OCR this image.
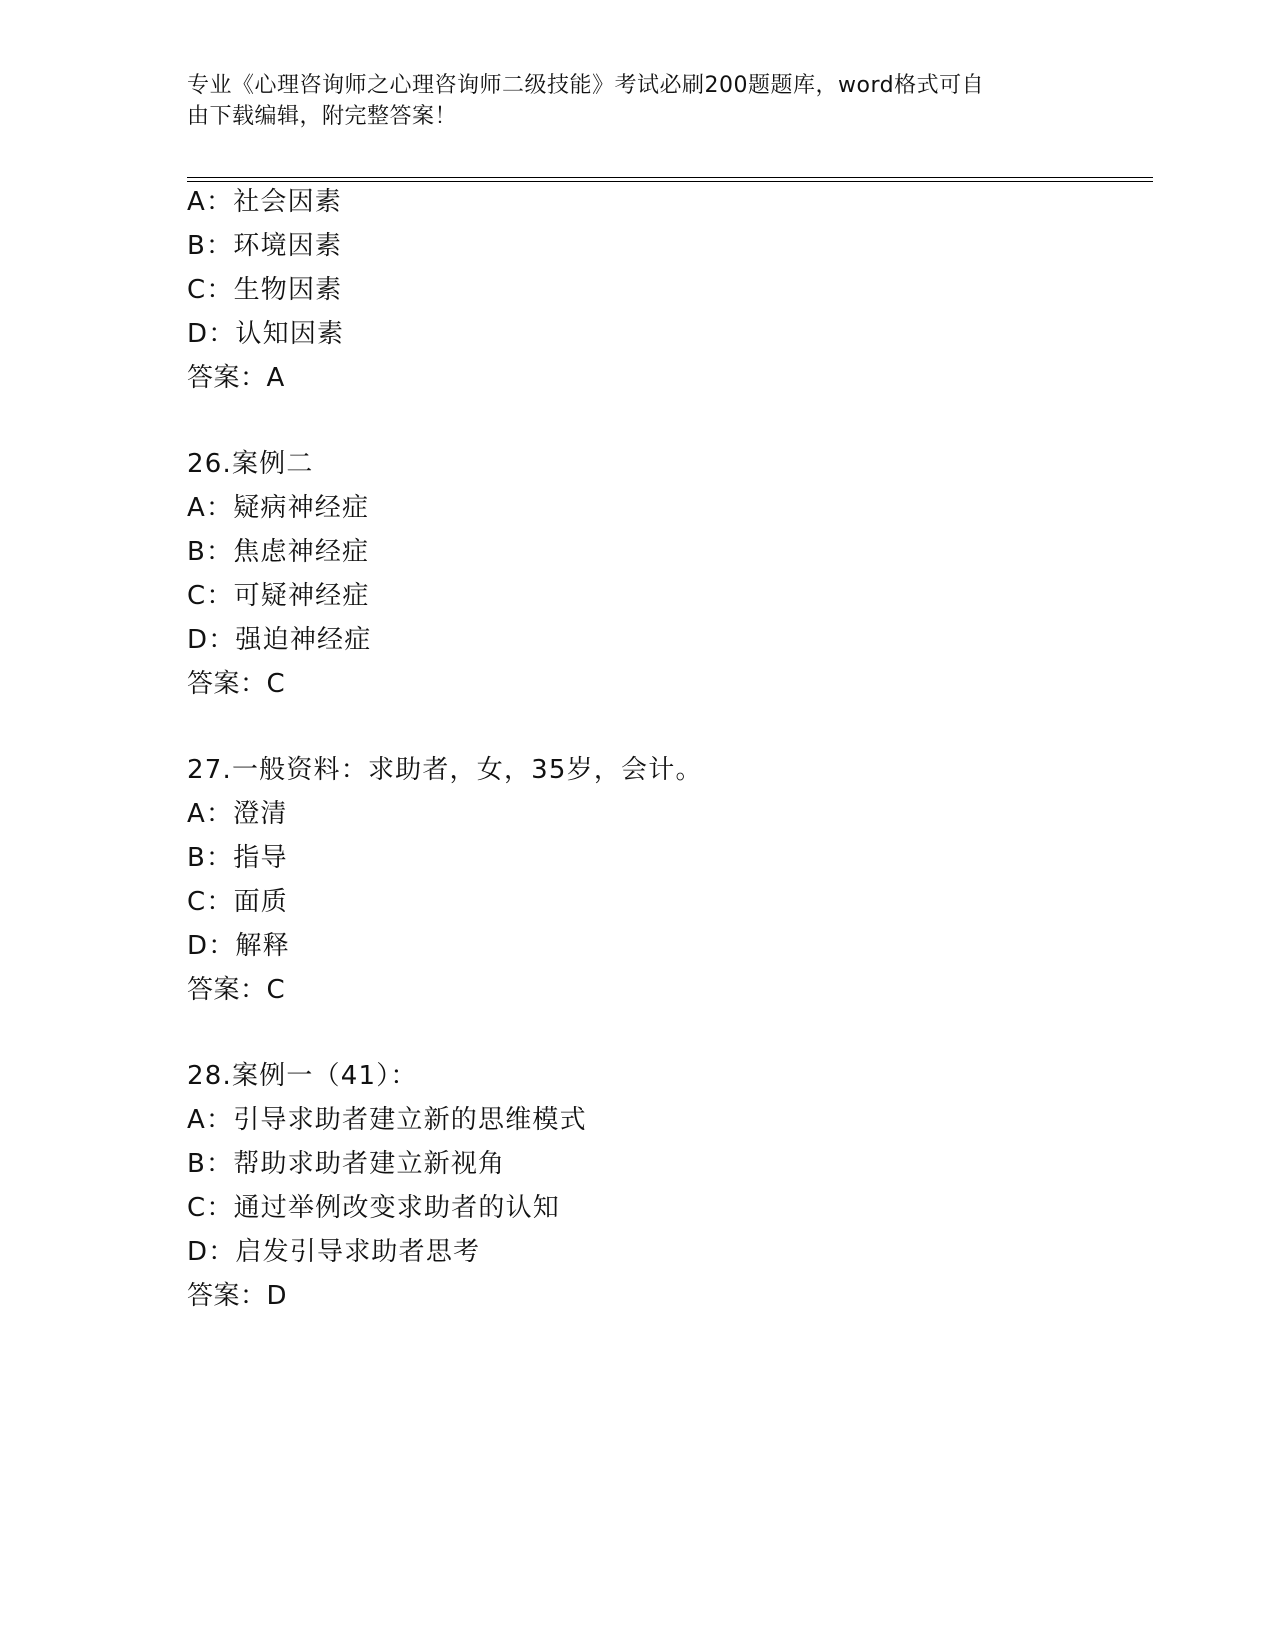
专业《心理咨询师之心理咨询师二级技能》考试必刷200题题库，word格式可自
由下载编辑，附完整答案！
A：社会因素
B：环境因素
C：生物因素
D：认知因素
答案：A
26.案例二
A：疑病神经症
B：焦虑神经症
C：可疑神经症
D：强迫神经症
答案：C
27.一般资料：求助者，女，35岁，会计。
A：澄清
B：指导
C：面质
D：解释
答案：C
28.案例一（41）：
A：引导求助者建立新的思维模式
B：帮助求助者建立新视角
C：通过举例改变求助者的认知
D：启发引导求助者思考
答案：D
